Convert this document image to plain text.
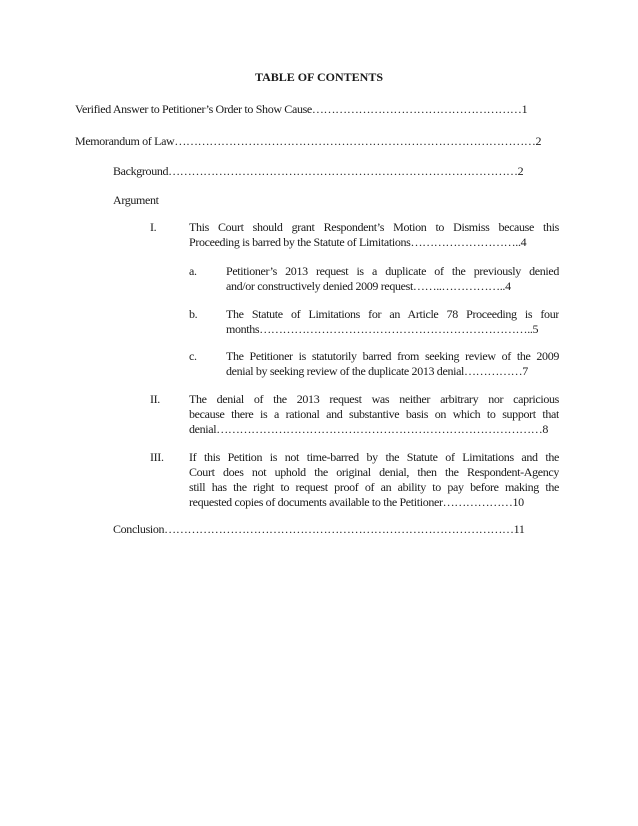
TABLE OF CONTENTS
Verified Answer to Petitioner’s Order to Show Cause………………………………………………1
Memorandum of Law…………………………………………………………………………………2
Background………………………………………………………………………………2
Argument
I.	This Court should grant Respondent’s Motion to Dismiss because this
Proceeding is barred by the Statute of Limitations………………………..4
a. Petitioner’s 2013 request is a duplicate of the previously denied
and/or constructively denied 2009 request……..……………..4
b. The Statute of Limitations for an Article 78 Proceeding is four
months……………………………………………………………..5
c. The Petitioner is statutorily barred from seeking review of the 2009
denial by seeking review of the duplicate 2013 denial……………7
II. The denial of the 2013 request was neither arbitrary nor capricious
because there is a rational and substantive basis on which to support that
denial…………………………………………………………………………8
III. If this Petition is not time-barred by the Statute of Limitations and the
Court does not uphold the original denial, then the Respondent-Agency
still has the right to request proof of an ability to pay before making the
requested copies of documents available to the Petitioner………………10
Conclusion………………………………………………………………………………11
